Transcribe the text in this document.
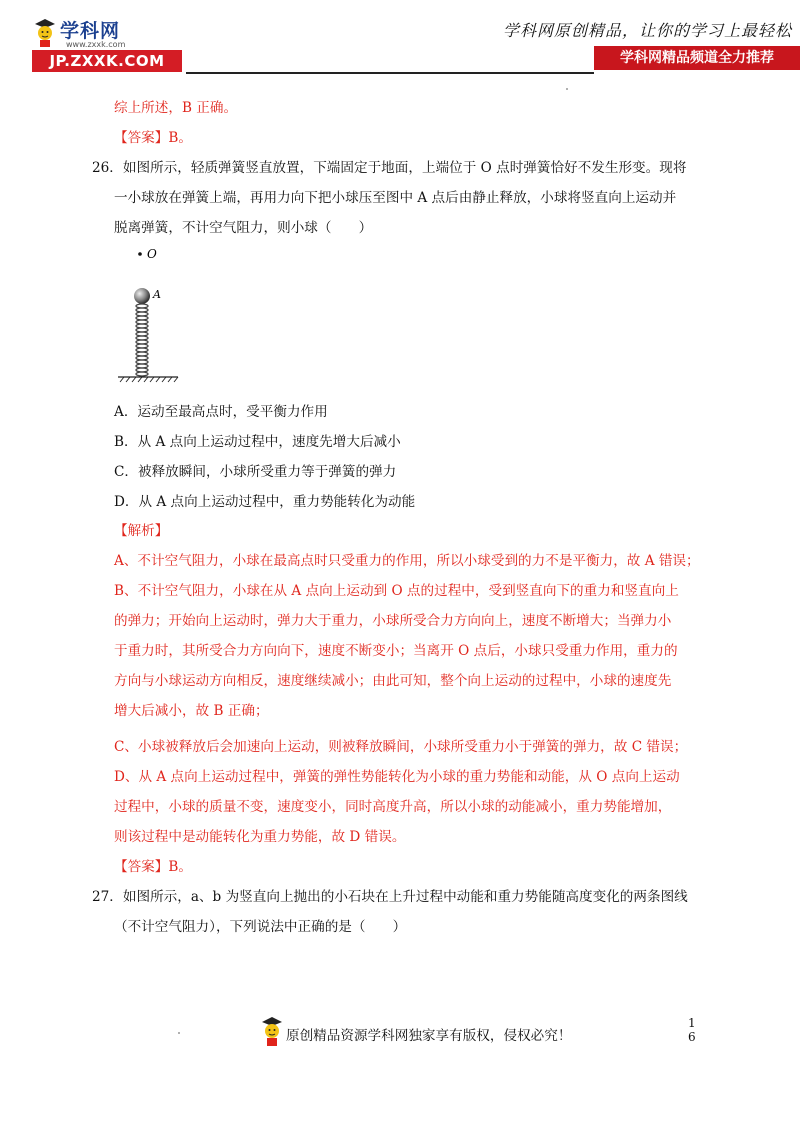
学科网
www.zxxk.com
JP.ZXXK.COM
学科网原创精品，让你的学习上最轻松
学科网精品频道全力推荐
综上所述，B 正确。
【答案】B。
26．如图所示，轻质弹簧竖直放置，下端固定于地面，上端位于 O 点时弹簧恰好不发生形变。现将
一小球放在弹簧上端，再用力向下把小球压至图中 A 点后由静止释放，小球将竖直向上运动并
脱离弹簧，不计空气阻力，则小球（　　）
O
A
A．运动至最高点时，受平衡力作用
B．从 A 点向上运动过程中，速度先增大后减小
C．被释放瞬间，小球所受重力等于弹簧的弹力
D．从 A 点向上运动过程中，重力势能转化为动能
【解析】
A、不计空气阻力，小球在最高点时只受重力的作用，所以小球受到的力不是平衡力，故 A 错误；
B、不计空气阻力，小球在从 A 点向上运动到 O 点的过程中，受到竖直向下的重力和竖直向上
的弹力；开始向上运动时，弹力大于重力，小球所受合力方向向上，速度不断增大；当弹力小
于重力时，其所受合力方向向下，速度不断变小；当离开 O 点后，小球只受重力作用，重力的
方向与小球运动方向相反，速度继续减小；由此可知，整个向上运动的过程中，小球的速度先
增大后减小，故 B 正确；
C、小球被释放后会加速向上运动，则被释放瞬间，小球所受重力小于弹簧的弹力，故 C 错误；
D、从 A 点向上运动过程中，弹簧的弹性势能转化为小球的重力势能和动能，从 O 点向上运动
过程中，小球的质量不变，速度变小，同时高度升高，所以小球的动能减小，重力势能增加，
则该过程中是动能转化为重力势能，故 D 错误。
【答案】B。
27．如图所示，a、b 为竖直向上抛出的小石块在上升过程中动能和重力势能随高度变化的两条图线
（不计空气阻力），下列说法中正确的是（　　）
原创精品资源学科网独家享有版权，侵权必究！
1
6
